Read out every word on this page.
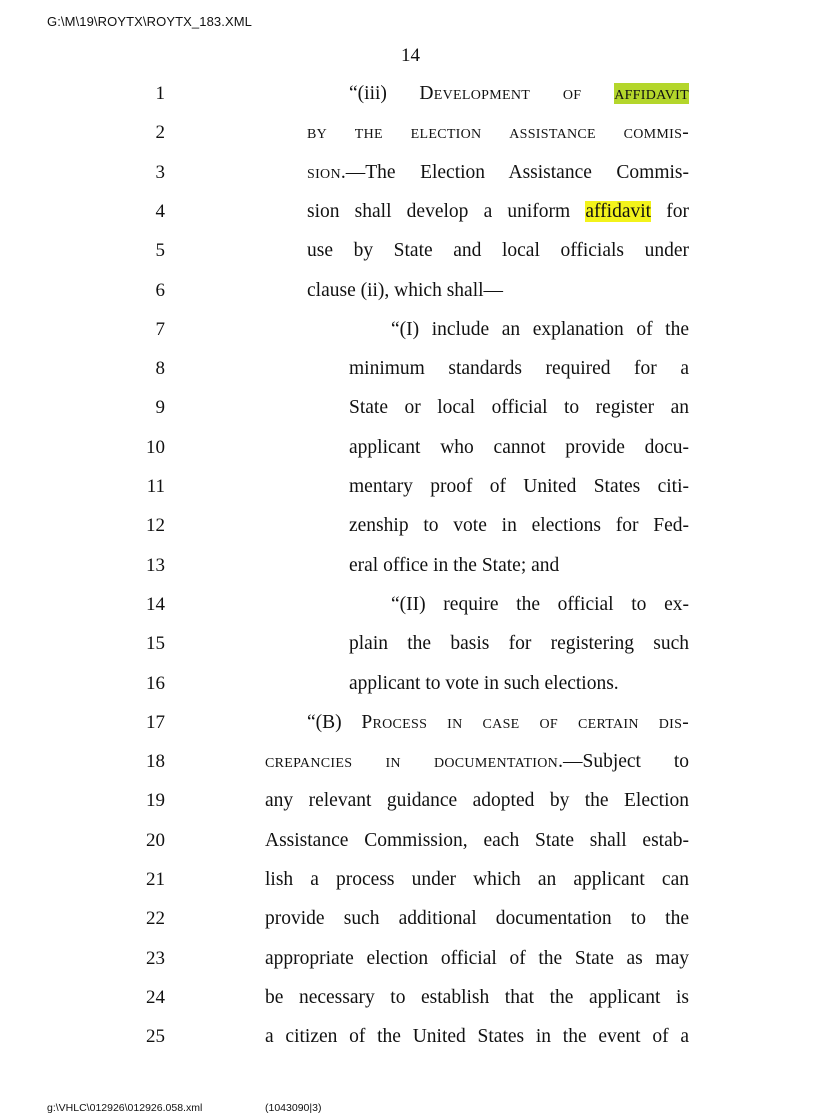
G:\M\19\ROYTX\ROYTX_183.XML
14
1	“(iii) Development of affidavit
2	by the election assistance commis-
3	sion.—The Election Assistance Commis-
4	sion shall develop a uniform affidavit for
5	use by State and local officials under
6	clause (ii), which shall—
7	“(I) include an explanation of the
8	minimum standards required for a
9	State or local official to register an
10	applicant who cannot provide docu-
11	mentary proof of United States citi-
12	zenship to vote in elections for Fed-
13	eral office in the State; and
14	“(II) require the official to ex-
15	plain the basis for registering such
16	applicant to vote in such elections.
17	“(B) Process in case of certain dis-
18	crepancies in documentation.—Subject to
19	any relevant guidance adopted by the Election
20	Assistance Commission, each State shall estab-
21	lish a process under which an applicant can
22	provide such additional documentation to the
23	appropriate election official of the State as may
24	be necessary to establish that the applicant is
25	a citizen of the United States in the event of a
g:\VHLC\012926\012926.058.xml	(1043090|3)
